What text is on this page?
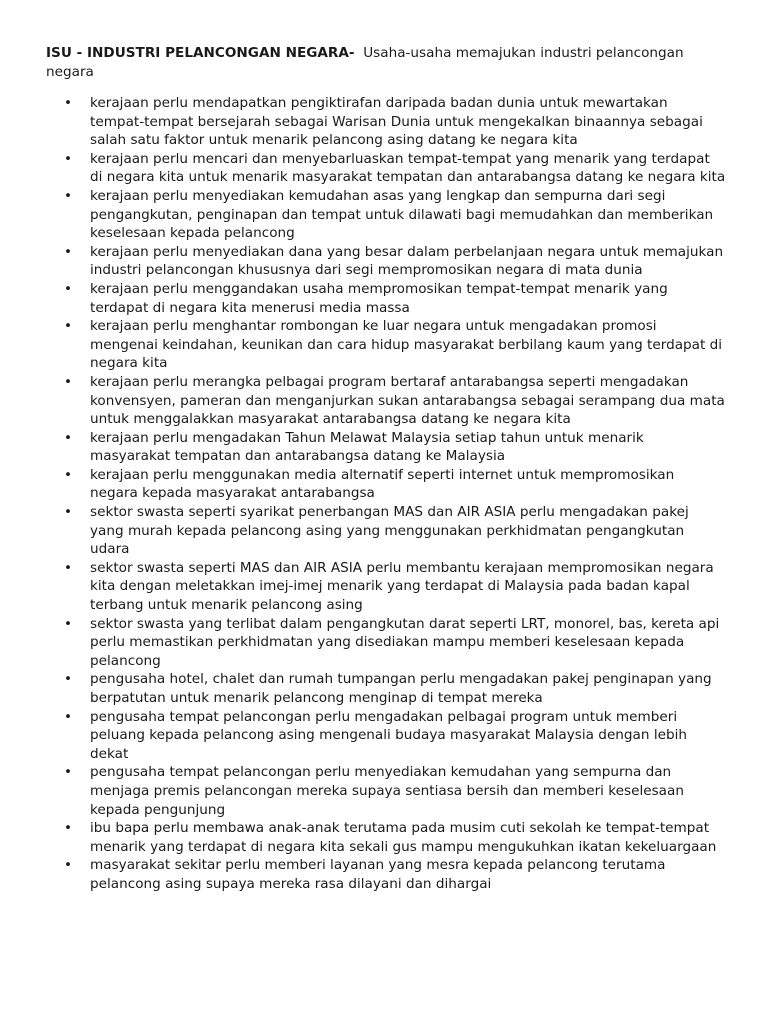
ISU - INDUSTRI PELANCONGAN NEGARA- Usaha-usaha memajukan industri pelancongan negara

• kerajaan perlu mendapatkan pengiktirafan daripada badan dunia untuk mewartakan tempat-tempat bersejarah sebagai Warisan Dunia untuk mengekalkan binaannya sebagai salah satu faktor untuk menarik pelancong asing datang ke negara kita
• kerajaan perlu mencari dan menyebarluaskan tempat-tempat yang menarik yang terdapat di negara kita untuk menarik masyarakat tempatan dan antarabangsa datang ke negara kita
• kerajaan perlu menyediakan kemudahan asas yang lengkap dan sempurna dari segi pengangkutan, penginapan dan tempat untuk dilawati bagi memudahkan dan memberikan keselesaan kepada pelancong
• kerajaan perlu menyediakan dana yang besar dalam perbelanjaan negara untuk memajukan industri pelancongan khususnya dari segi mempromosikan negara di mata dunia
• kerajaan perlu menggandakan usaha mempromosikan tempat-tempat menarik yang terdapat di negara kita menerusi media massa
• kerajaan perlu menghantar rombongan ke luar negara untuk mengadakan promosi mengenai keindahan, keunikan dan cara hidup masyarakat berbilang kaum yang terdapat di negara kita
• kerajaan perlu merangka pelbagai program bertaraf antarabangsa seperti mengadakan konvensyen, pameran dan menganjurkan sukan antarabangsa sebagai serampang dua mata untuk menggalakkan masyarakat antarabangsa datang ke negara kita
• kerajaan perlu mengadakan Tahun Melawat Malaysia setiap tahun untuk menarik masyarakat tempatan dan antarabangsa datang ke Malaysia
• kerajaan perlu menggunakan media alternatif seperti internet untuk mempromosikan negara kepada masyarakat antarabangsa
• sektor swasta seperti syarikat penerbangan MAS dan AIR ASIA perlu mengadakan pakej yang murah kepada pelancong asing yang menggunakan perkhidmatan pengangkutan udara
• sektor swasta seperti MAS dan AIR ASIA perlu membantu kerajaan mempromosikan negara kita dengan meletakkan imej-imej menarik yang terdapat di Malaysia pada badan kapal terbang untuk menarik pelancong asing
• sektor swasta yang terlibat dalam pengangkutan darat seperti LRT, monorel, bas, kereta api perlu memastikan perkhidmatan yang disediakan mampu memberi keselesaan kepada pelancong
• pengusaha hotel, chalet dan rumah tumpangan perlu mengadakan pakej penginapan yang berpatutan untuk menarik pelancong menginap di tempat mereka
• pengusaha tempat pelancongan perlu mengadakan pelbagai program untuk memberi peluang kepada pelancong asing mengenali budaya masyarakat Malaysia dengan lebih dekat
• pengusaha tempat pelancongan perlu menyediakan kemudahan yang sempurna dan menjaga premis pelancongan mereka supaya sentiasa bersih dan memberi keselesaan kepada pengunjung
• ibu bapa perlu membawa anak-anak terutama pada musim cuti sekolah ke tempat-tempat menarik yang terdapat di negara kita sekali gus mampu mengukuhkan ikatan kekeluargaan
• masyarakat sekitar perlu memberi layanan yang mesra kepada pelancong terutama pelancong asing supaya mereka rasa dilayani dan dihargai
